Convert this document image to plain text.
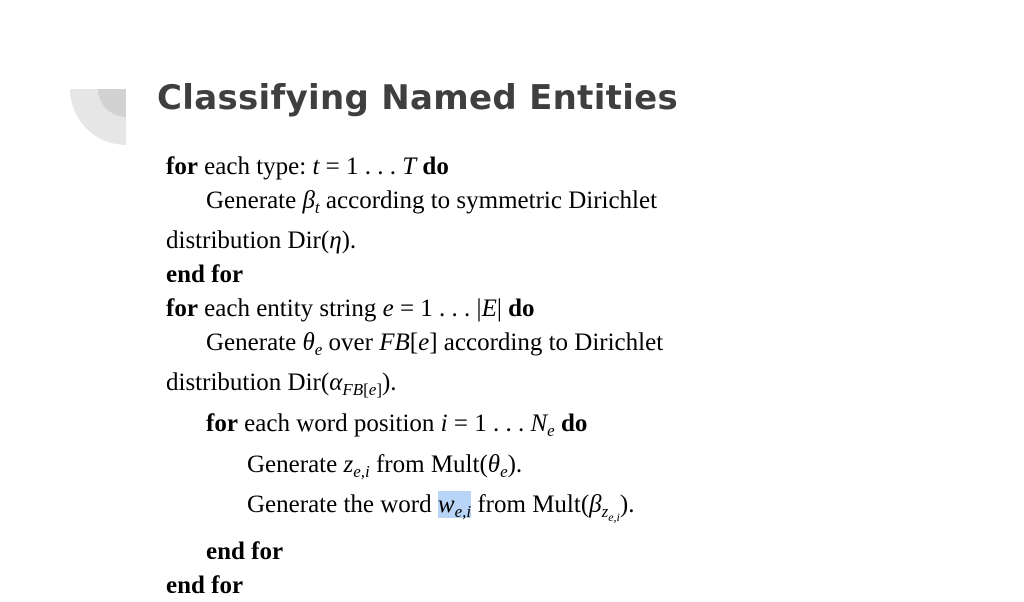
Classifying Named Entities
for each type: t = 1 . . . T do
Generate $\beta_t$ according to symmetric Dirichlet
distribution Dir(η).
end for
for each entity string e = 1 . . . |E| do
Generate $\theta_e$ over FB[e] according to Dirichlet
distribution $Dir(\alpha_{FB[e]})$.
for each word position i = 1 . . . $N_e$ do
Generate $z_{e,i}$ from $Mult(\theta_e)$.
Generate the word $w_{e,i}$ from $Mult(\beta_{z_{e,i}})$.
end for
end for
